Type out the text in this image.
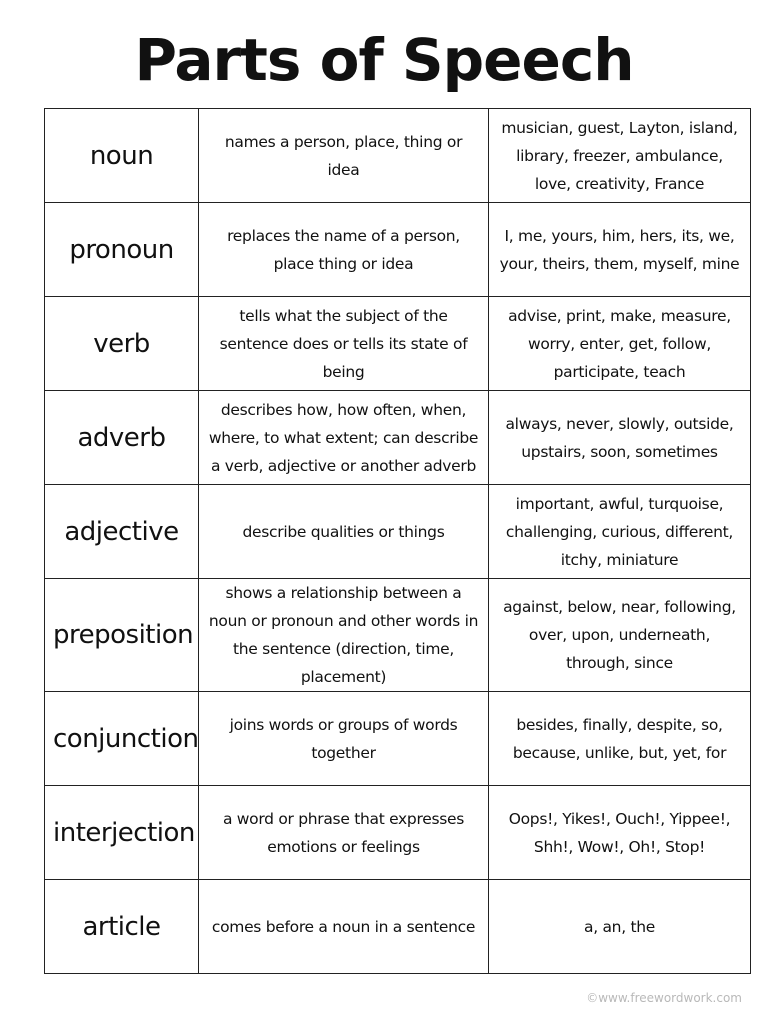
Parts of Speech
noun	names a person, place, thing or idea	musician, guest, Layton, island, library, freezer, ambulance, love, creativity, France
pronoun	replaces the name of a person, place thing or idea	I, me, yours, him, hers, its, we, your, theirs, them, myself, mine
verb	tells what the subject of the sentence does or tells its state of being	advise, print, make, measure, worry, enter, get, follow, participate, teach
adverb	describes how, how often, when, where, to what extent; can describe a verb, adjective or another adverb	always, never, slowly, outside, upstairs, soon, sometimes
adjective	describe qualities or things	important, awful, turquoise, challenging, curious, different, itchy, miniature
preposition	shows a relationship between a noun or pronoun and other words in the sentence (direction, time, placement)	against, below, near, following, over, upon, underneath, through, since
conjunction	joins words or groups of words together	besides, finally, despite, so, because, unlike, but, yet, for
interjection	a word or phrase that expresses emotions or feelings	Oops!, Yikes!, Ouch!, Yippee!, Shh!, Wow!, Oh!, Stop!
article	comes before a noun in a sentence	a, an, the
©www.freewordwork.com
